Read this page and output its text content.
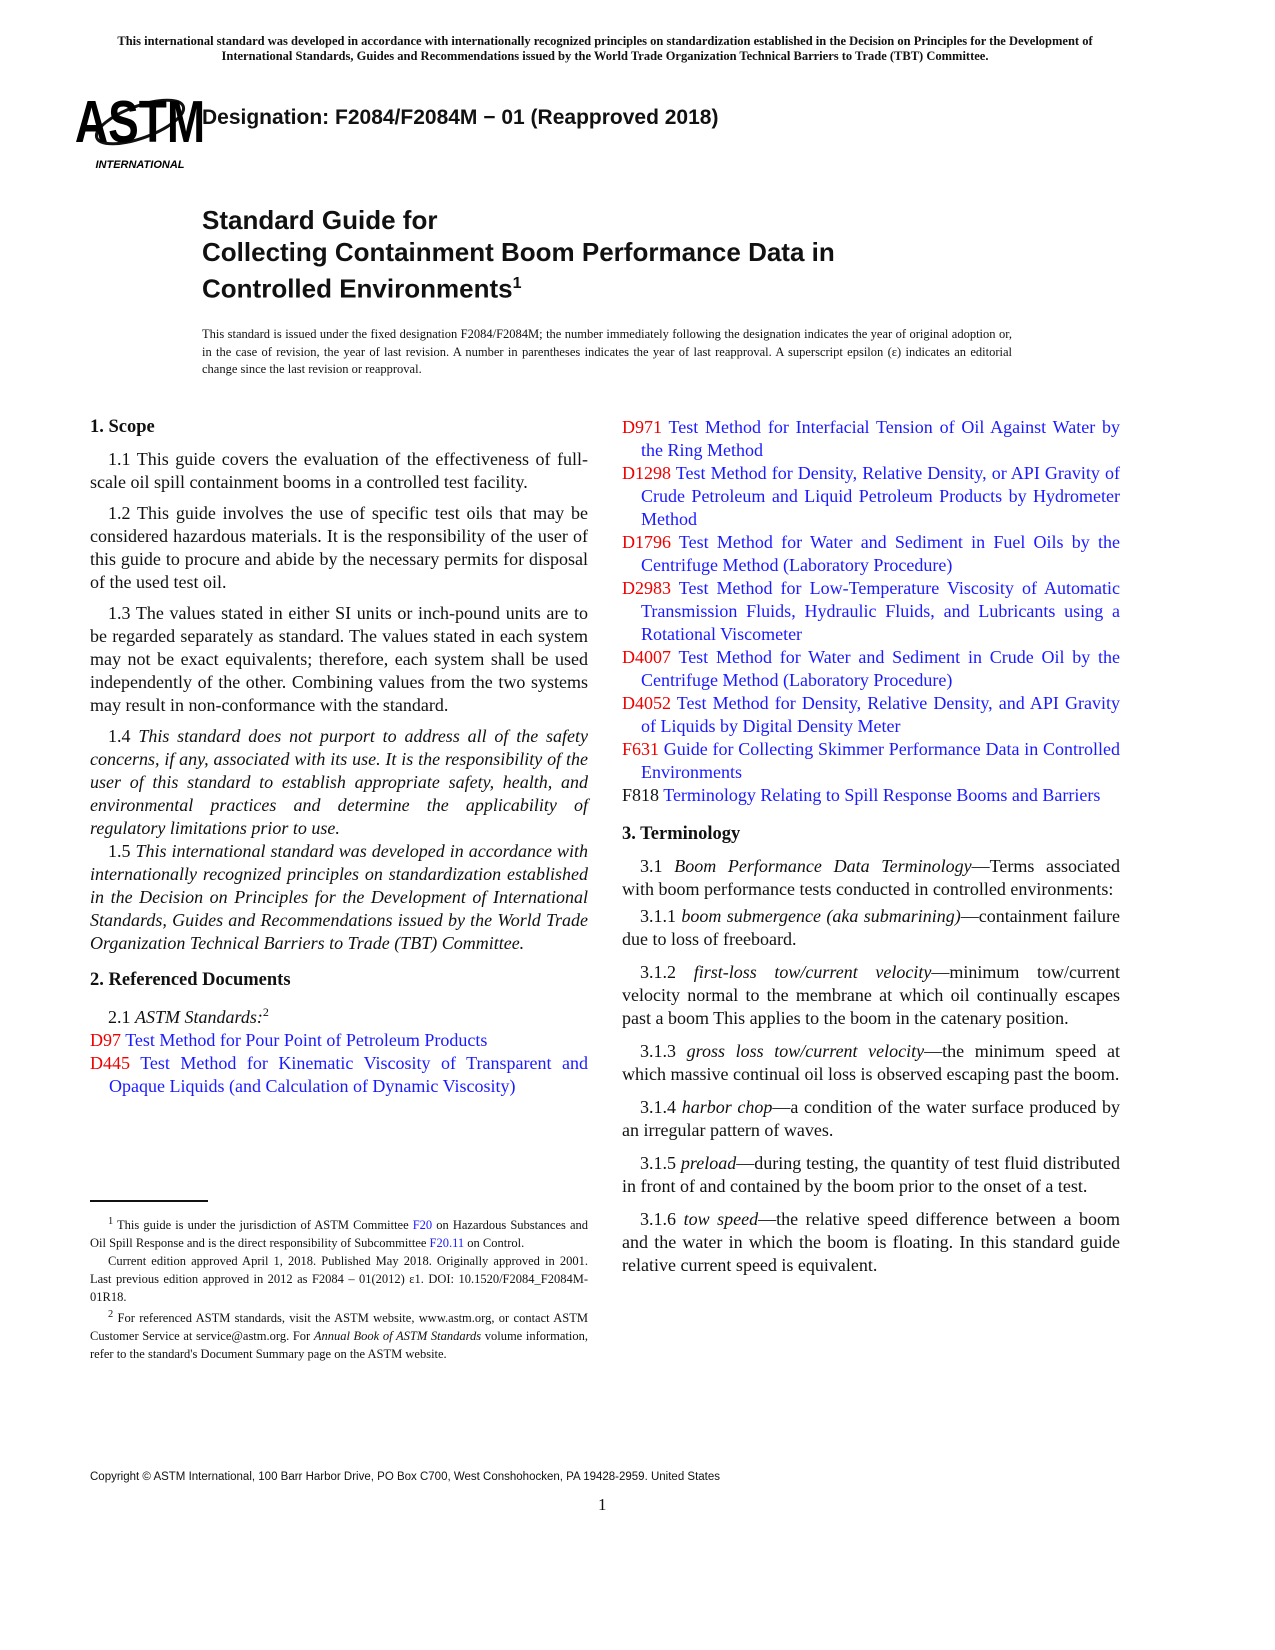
This international standard was developed in accordance with internationally recognized principles on standardization established in the Decision on Principles for the Development of International Standards, Guides and Recommendations issued by the World Trade Organization Technical Barriers to Trade (TBT) Committee.
ASTM
INTERNATIONAL
Designation: F2084/F2084M − 01 (Reapproved 2018)
Standard Guide for
Collecting Containment Boom Performance Data in
Controlled Environments$^1$
This standard is issued under the fixed designation F2084/F2084M; the number immediately following the designation indicates the year of original adoption or, in the case of revision, the year of last revision. A number in parentheses indicates the year of last reapproval. A superscript epsilon (ε) indicates an editorial change since the last revision or reapproval.
1. Scope

1.1 This guide covers the evaluation of the effectiveness of full-scale oil spill containment booms in a controlled test facility.

1.2 This guide involves the use of specific test oils that may be considered hazardous materials. It is the responsibility of the user of this guide to procure and abide by the necessary permits for disposal of the used test oil.

1.3 The values stated in either SI units or inch-pound units are to be regarded separately as standard. The values stated in each system may not be exact equivalents; therefore, each system shall be used independently of the other. Combining values from the two systems may result in non-conformance with the standard.

1.4 This standard does not purport to address all of the safety concerns, if any, associated with its use. It is the responsibility of the user of this standard to establish appropriate safety, health, and environmental practices and determine the applicability of regulatory limitations prior to use.

1.5 This international standard was developed in accordance with internationally recognized principles on standardization established in the Decision on Principles for the Development of International Standards, Guides and Recommendations issued by the World Trade Organization Technical Barriers to Trade (TBT) Committee.

2. Referenced Documents

2.1 ASTM Standards:$^2$

D97 Test Method for Pour Point of Petroleum Products
D445 Test Method for Kinematic Viscosity of Transparent and Opaque Liquids (and Calculation of Dynamic Viscosity)
D971 Test Method for Interfacial Tension of Oil Against Water by the Ring Method
D1298 Test Method for Density, Relative Density, or API Gravity of Crude Petroleum and Liquid Petroleum Products by Hydrometer Method
D1796 Test Method for Water and Sediment in Fuel Oils by the Centrifuge Method (Laboratory Procedure)
D2983 Test Method for Low-Temperature Viscosity of Automatic Transmission Fluids, Hydraulic Fluids, and Lubricants using a Rotational Viscometer
D4007 Test Method for Water and Sediment in Crude Oil by the Centrifuge Method (Laboratory Procedure)
D4052 Test Method for Density, Relative Density, and API Gravity of Liquids by Digital Density Meter
F631 Guide for Collecting Skimmer Performance Data in Controlled Environments
F818 Terminology Relating to Spill Response Booms and Barriers
3. Terminology

3.1 Boom Performance Data Terminology—Terms associated with boom performance tests conducted in controlled environments:

3.1.1 boom submergence (aka submarining)—containment failure due to loss of freeboard.

3.1.2 first-loss tow/current velocity—minimum tow/current velocity normal to the membrane at which oil continually escapes past a boom This applies to the boom in the catenary position.

3.1.3 gross loss tow/current velocity—the minimum speed at which massive continual oil loss is observed escaping past the boom.

3.1.4 harbor chop—a condition of the water surface produced by an irregular pattern of waves.

3.1.5 preload—during testing, the quantity of test fluid distributed in front of and contained by the boom prior to the onset of a test.

3.1.6 tow speed—the relative speed difference between a boom and the water in which the boom is floating. In this standard guide relative current speed is equivalent.

$^1$ This guide is under the jurisdiction of ASTM Committee F20 on Hazardous Substances and Oil Spill Response and is the direct responsibility of Subcommittee F20.11 on Control.

Current edition approved April 1, 2018. Published May 2018. Originally approved in 2001. Last previous edition approved in 2012 as F2084 – 01(2012) ε1. DOI: 10.1520/F2084_F2084M-01R18.

$^2$ For referenced ASTM standards, visit the ASTM website, www.astm.org, or contact ASTM Customer Service at service@astm.org. For Annual Book of ASTM Standards volume information, refer to the standard's Document Summary page on the ASTM website.

Copyright © ASTM International, 100 Barr Harbor Drive, PO Box C700, West Conshohocken, PA 19428-2959. United States
1
